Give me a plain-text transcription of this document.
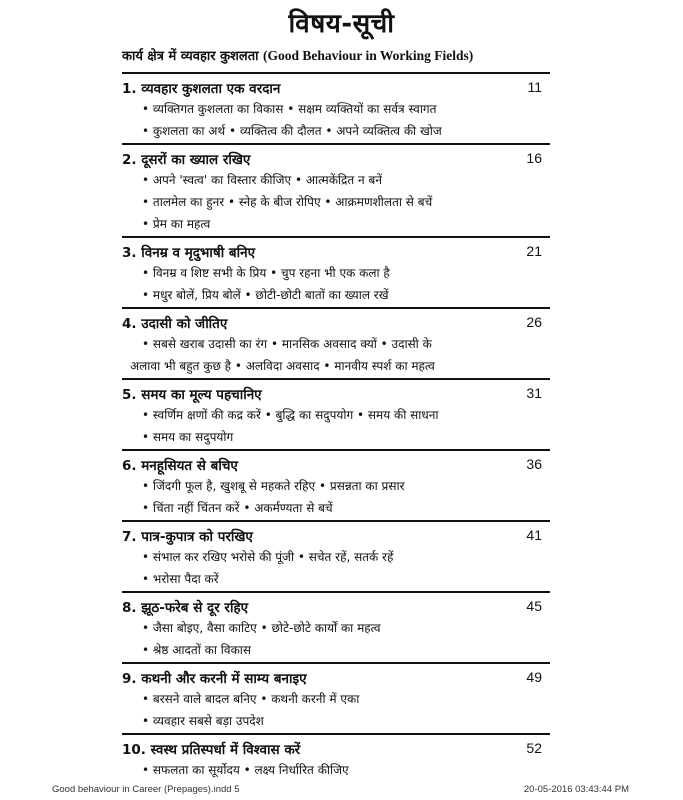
विषय-सूची
कार्य क्षेत्र में व्यवहार कुशलता (Good Behaviour in Working Fields)
1. व्यवहार कुशलता एक वरदान	11
• व्यक्तिगत कुशलता का विकास • सक्षम व्यक्तियों का सर्वत्र स्वागत
• कुशलता का अर्थ • व्यक्तित्व की दौलत • अपने व्यक्तित्व की खोज
2. दूसरों का ख्याल रखिए	16
• अपने 'स्वत्व' का विस्तार कीजिए • आत्मकेंद्रित न बनें
• तालमेल का हुनर • स्नेह के बीज रोपिए • आक्रमणशीलता से बचें
• प्रेम का महत्व
3. विनम्र व मृदुभाषी बनिए	21
• विनम्र व शिष्ट सभी के प्रिय • चुप रहना भी एक कला है
• मधुर बोलें, प्रिय बोलें • छोटी-छोटी बातों का ख्याल रखें
4. उदासी को जीतिए	26
• सबसे खराब उदासी का रंग • मानसिक अवसाद क्यों • उदासी के
अलावा भी बहुत कुछ है • अलविदा अवसाद • मानवीय स्पर्श का महत्व
5. समय का मूल्य पहचानिए	31
• स्वर्णिम क्षणों की कद्र करें • बुद्धि का सदुपयोग • समय की साधना
• समय का सदुपयोग
6. मनहूसियत से बचिए	36
• जिंदगी फूल है, खुशबू से महकते रहिए • प्रसन्नता का प्रसार
• चिंता नहीं चिंतन करें • अकर्मण्यता से बचें
7. पात्र-कुपात्र को परखिए	41
• संभाल कर रखिए भरोसे की पूंजी • सचेत रहें, सतर्क रहें
• भरोसा पैदा करें
8. झूठ-फरेब से दूर रहिए	45
• जैसा बोइए, वैसा काटिए • छोटे-छोटे कार्यों का महत्व
• श्रेष्ठ आदतों का विकास
9. कथनी और करनी में साम्य बनाइए	49
• बरसने वाले बादल बनिए • कथनी करनी में एका
• व्यवहार सबसे बड़ा उपदेश
10. स्वस्थ प्रतिस्पर्धा में विश्वास करें	52
• सफलता का सूर्योदय • लक्ष्य निर्धारित कीजिए
Good behaviour in Career (Prepages).indd 5	20-05-2016 03:43:44 PM
